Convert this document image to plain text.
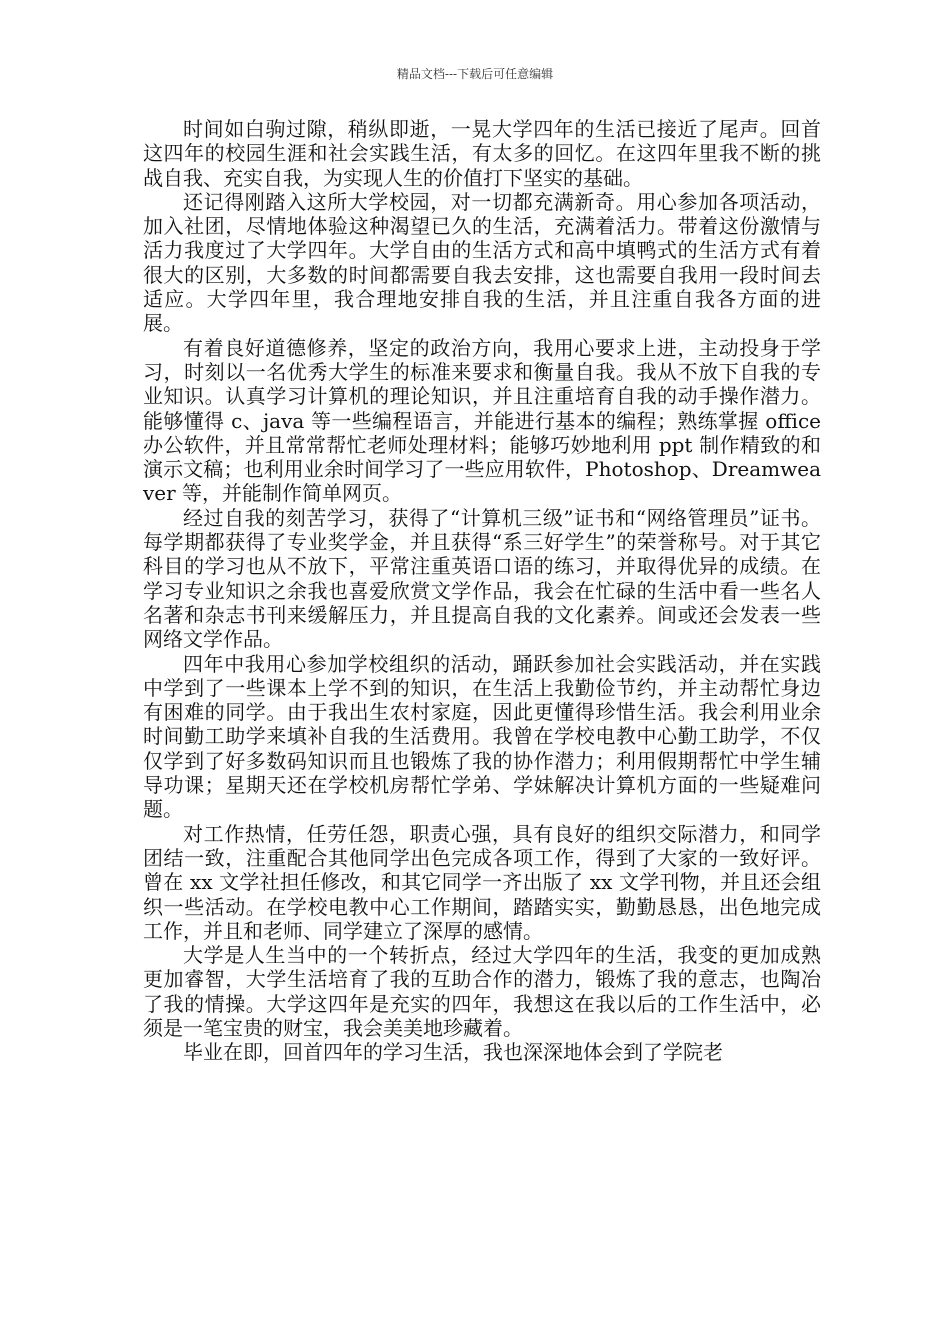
精品文档---下载后可任意编辑

时间如白驹过隙，稍纵即逝，一晃大学四年的生活已接近了尾声。回首这四年的校园生涯和社会实践生活，有太多的回忆。在这四年里我不断的挑战自我、充实自我，为实现人生的价值打下坚实的基础。

还记得刚踏入这所大学校园，对一切都充满新奇。用心参加各项活动，加入社团，尽情地体验这种渴望已久的生活，充满着活力。带着这份激情与活力我度过了大学四年。大学自由的生活方式和高中填鸭式的生活方式有着很大的区别，大多数的时间都需要自我去安排，这也需要自我用一段时间去适应。大学四年里，我合理地安排自我的生活，并且注重自我各方面的进展。

有着良好道德修养，坚定的政治方向，我用心要求上进，主动投身于学习，时刻以一名优秀大学生的标准来要求和衡量自我。我从不放下自我的专业知识。认真学习计算机的理论知识，并且注重培育自我的动手操作潜力。能够懂得 c、java 等一些编程语言，并能进行基本的编程；熟练掌握 office 办公软件，并且常常帮忙老师处理材料；能够巧妙地利用 ppt 制作精致的和演示文稿；也利用业余时间学习了一些应用软件，Photoshop、Dreamweaver 等，并能制作简单网页。

经过自我的刻苦学习，获得了“计算机三级”证书和“网络管理员”证书。每学期都获得了专业奖学金，并且获得“系三好学生”的荣誉称号。对于其它科目的学习也从不放下，平常注重英语口语的练习，并取得优异的成绩。在学习专业知识之余我也喜爱欣赏文学作品，我会在忙碌的生活中看一些名人名著和杂志书刊来缓解压力，并且提高自我的文化素养。间或还会发表一些网络文学作品。

四年中我用心参加学校组织的活动，踊跃参加社会实践活动，并在实践中学到了一些课本上学不到的知识，在生活上我勤俭节约，并主动帮忙身边有困难的同学。由于我出生农村家庭，因此更懂得珍惜生活。我会利用业余时间勤工助学来填补自我的生活费用。我曾在学校电教中心勤工助学，不仅仅学到了好多数码知识而且也锻炼了我的协作潜力；利用假期帮忙中学生辅导功课；星期天还在学校机房帮忙学弟、学妹解决计算机方面的一些疑难问题。

对工作热情，任劳任怨，职责心强，具有良好的组织交际潜力，和同学团结一致，注重配合其他同学出色完成各项工作，得到了大家的一致好评。曾在 xx 文学社担任修改，和其它同学一齐出版了 xx 文学刊物，并且还会组织一些活动。在学校电教中心工作期间，踏踏实实，勤勤恳恳，出色地完成工作，并且和老师、同学建立了深厚的感情。

大学是人生当中的一个转折点，经过大学四年的生活，我变的更加成熟更加睿智，大学生活培育了我的互助合作的潜力，锻炼了我的意志，也陶冶了我的情操。大学这四年是充实的四年，我想这在我以后的工作生活中，必须是一笔宝贵的财宝，我会美美地珍藏着。

毕业在即，回首四年的学习生活，我也深深地体会到了学院老
